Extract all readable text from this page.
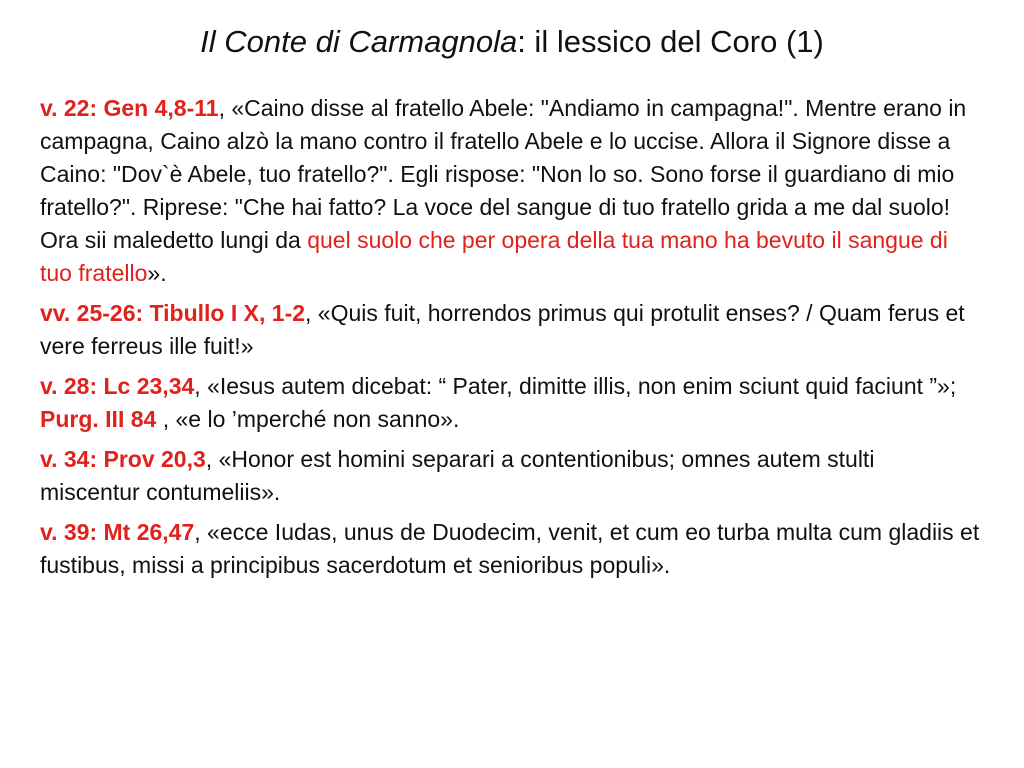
Il Conte di Carmagnola: il lessico del Coro (1)

v. 22: Gen 4,8-11, «Caino disse al fratello Abele: "Andiamo in campagna!". Mentre erano in campagna, Caino alzò la mano contro il fratello Abele e lo uccise. Allora il Signore disse a Caino: "Dov`è Abele, tuo fratello?". Egli rispose: "Non lo so. Sono forse il guardiano di mio fratello?". Riprese: "Che hai fatto? La voce del sangue di tuo fratello grida a me dal suolo! Ora sii maledetto lungi da quel suolo che per opera della tua mano ha bevuto il sangue di tuo fratello».

vv. 25-26: Tibullo I X, 1-2, «Quis fuit, horrendos primus qui protulit enses? / Quam ferus et vere ferreus ille fuit!»

v. 28: Lc 23,34, «Iesus autem dicebat: “ Pater, dimitte illis, non enim sciunt quid faciunt ”»; Purg. III 84 , «e lo ’mperché non sanno».

v. 34: Prov 20,3, «Honor est homini separari a contentionibus; omnes autem stulti miscentur contumeliis».

v. 39: Mt 26,47, «ecce Iudas, unus de Duodecim, venit, et cum eo turba multa cum gladiis et fustibus, missi a principibus sacerdotum et senioribus populi».
